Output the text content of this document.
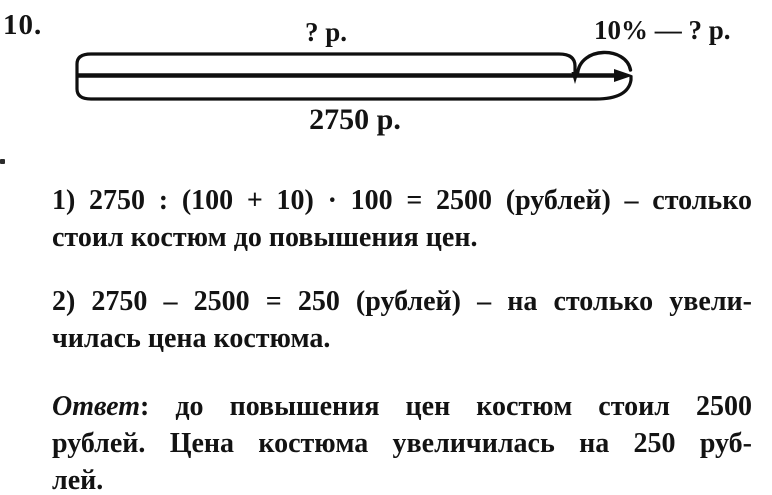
10.	? р.	10% — ? р.
2750 р.
1) 2750 : (100 + 10) · 100 = 2500 (рублей) – столько
стоил костюм до повышения цен.
2) 2750 – 2500 = 250 (рублей) – на столько увели-
чилась цена костюма.
Ответ: до повышения цен костюм стоил 2500
рублей. Цена костюма увеличилась на 250 руб-
лей.
